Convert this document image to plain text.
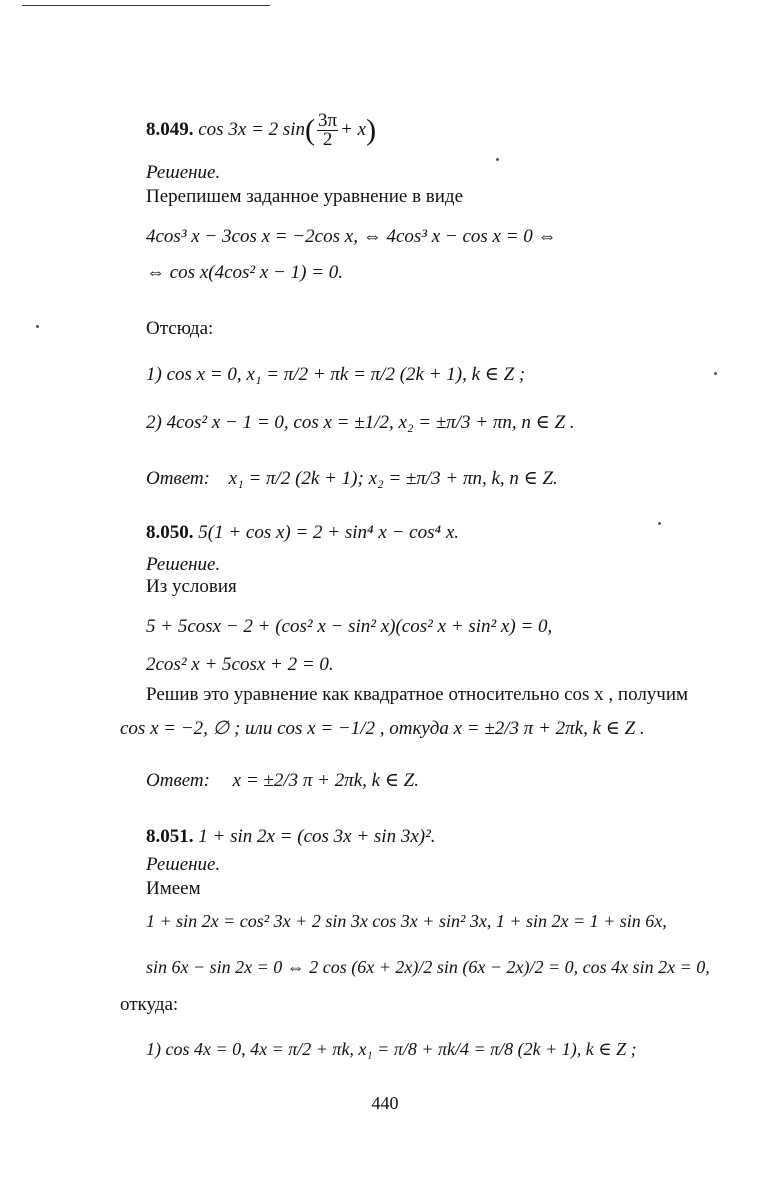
8.049. cos 3x = 2 $\sin( \frac{3\pi}{2} + x)$
Решение.
Перепишем заданное уравнение в виде
4cos³ x − 3cos x = −2cos x, ⇔ 4cos³ x − cos x = 0 ⇔
⇔ cos x(4cos² x − 1) = 0.
Отсюда:
1) cos x = 0, x₁ = π/2 + πk = π/2 (2k + 1), k ∈ Z ;
2) 4cos² x − 1 = 0, cos x = ±1/2, x₂ = ±π/3 + πn, n ∈ Z .
Ответ: x₁ = π/2 (2k + 1); x₂ = ±π/3 + πn, k, n ∈ Z.
8.050. 5(1 + cos x) = 2 + sin⁴ x − cos⁴ x.
Решение.
Из условия
5 + 5cosx − 2 + (cos² x − sin² x)(cos² x + sin² x) = 0,
2cos² x + 5cosx + 2 = 0.
Решив это уравнение как квадратное относительно cos x , получим
cos x = −2, ∅ ; или cos x = −1/2 , откуда x = ±2/3 π + 2πk, k ∈ Z .
Ответ: x = ±2/3 π + 2πk, k ∈ Z.
8.051. 1 + sin 2x = (cos 3x + sin 3x)².
Решение.
Имеем
1 + sin 2x = cos² 3x + 2 sin 3x cos 3x + sin² 3x, 1 + sin 2x = 1 + sin 6x,
sin 6x − sin 2x = 0 ⇔ 2 cos (6x + 2x)/2 sin (6x − 2x)/2 = 0, cos 4x sin 2x = 0,
откуда:
1) cos 4x = 0, 4x = π/2 + πk, x₁ = π/8 + πk/4 = π/8 (2k + 1), k ∈ Z ;
440
